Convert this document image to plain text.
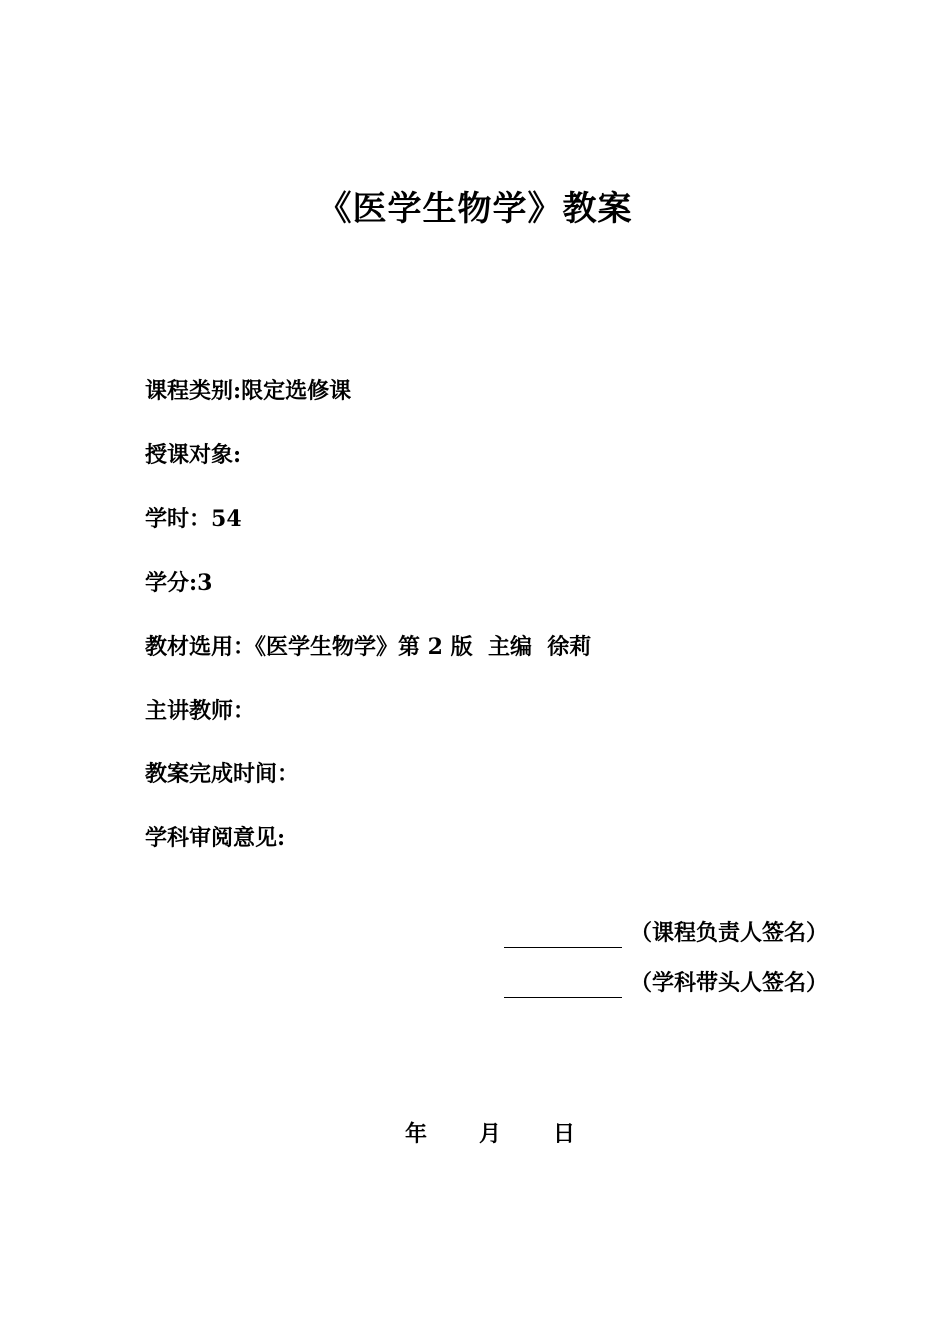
《医学生物学》教案
课程类别:限定选修课
授课对象:
学时：54
学分:3
教材选用：《医学生物学》第 2 版  主编  徐莉
主讲教师：
教案完成时间：
学科审阅意见:
（课程负责人签名）
（学科带头人签名）
年 月 日
